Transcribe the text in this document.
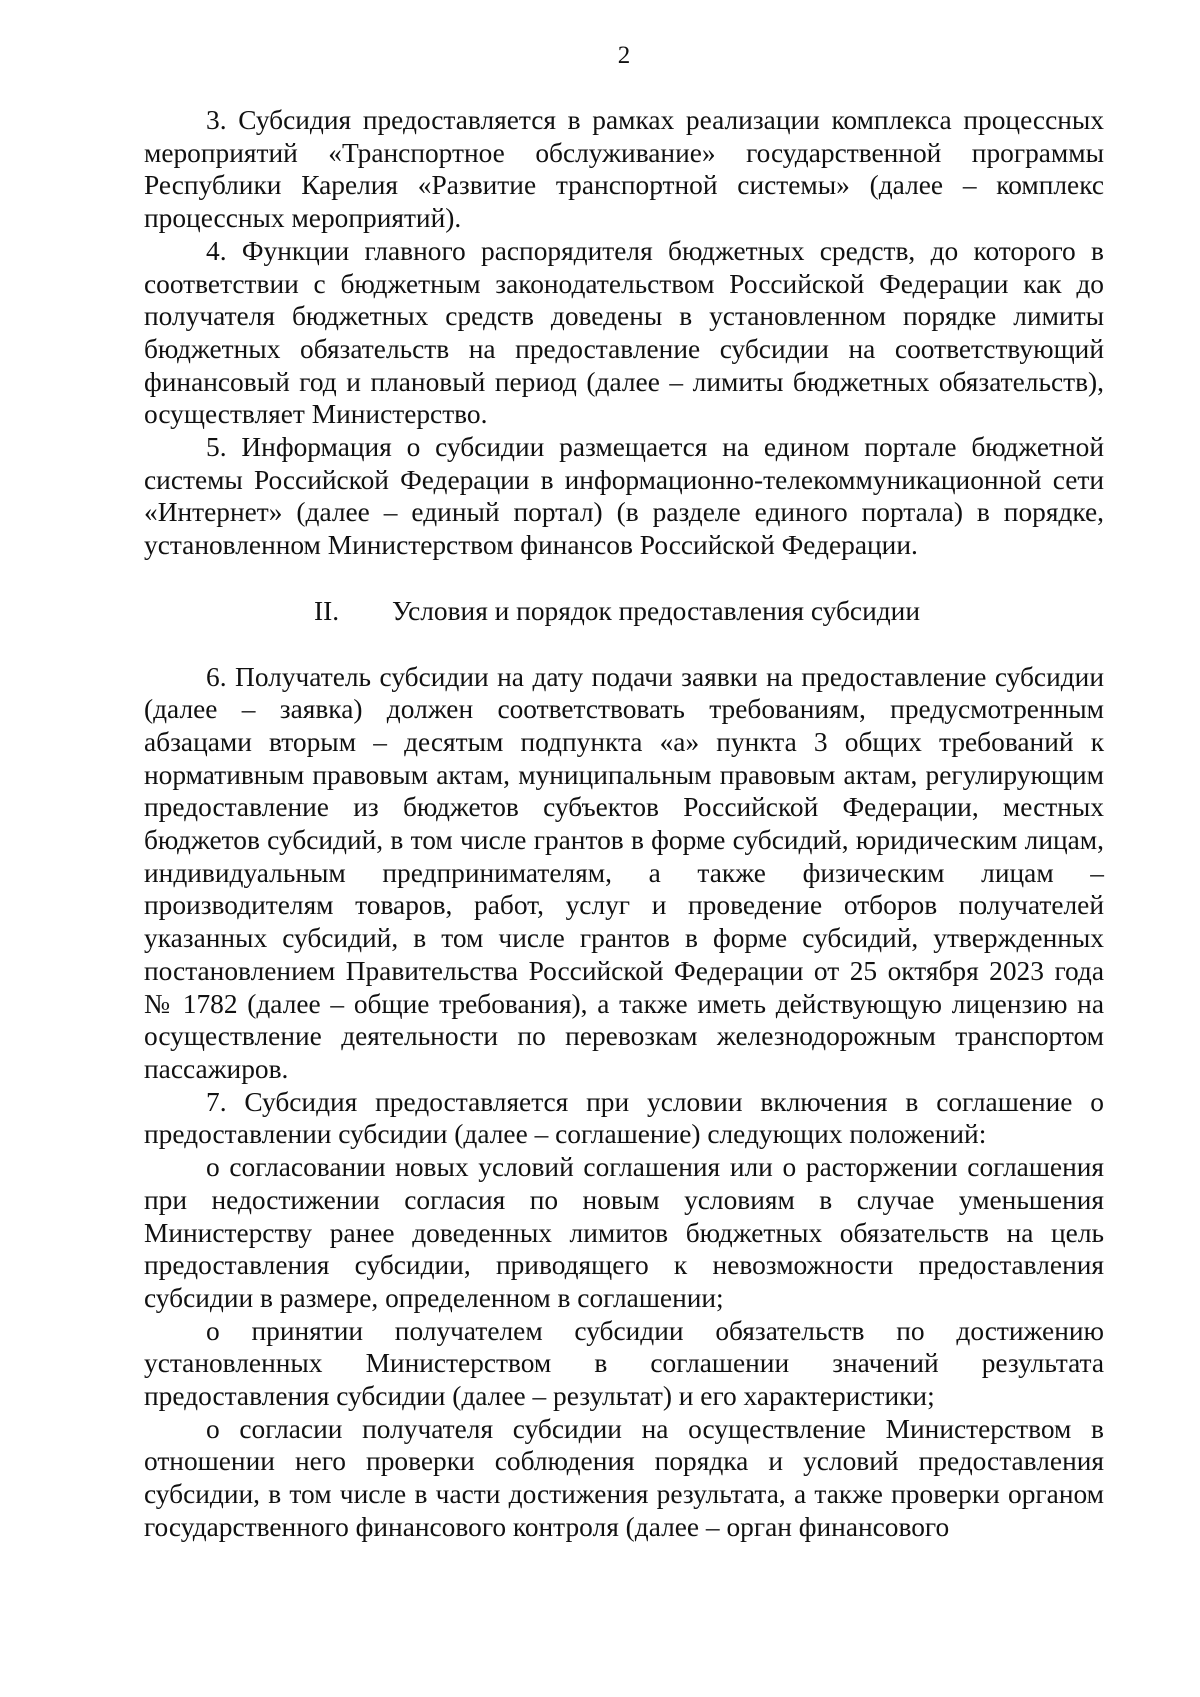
2

3. Субсидия предоставляется в рамках реализации комплекса процессных мероприятий «Транспортное обслуживание» государственной программы Республики Карелия «Развитие транспортной системы» (далее – комплекс процессных мероприятий).

4. Функции главного распорядителя бюджетных средств, до которого в соответствии с бюджетным законодательством Российской Федерации как до получателя бюджетных средств доведены в установленном порядке лимиты бюджетных обязательств на предоставление субсидии на соответствующий финансовый год и плановый период (далее – лимиты бюджетных обязательств), осуществляет Министерство.

5. Информация о субсидии размещается на едином портале бюджетной системы Российской Федерации в информационно-телекоммуникационной сети «Интернет» (далее – единый портал) (в разделе единого портала) в порядке, установленном Министерством финансов Российской Федерации.

II.	Условия и порядок предоставления субсидии

6. Получатель субсидии на дату подачи заявки на предоставление субсидии (далее – заявка) должен соответствовать требованиям, предусмотренным абзацами вторым – десятым подпункта «а» пункта 3 общих требований к нормативным правовым актам, муниципальным правовым актам, регулирующим предоставление из бюджетов субъектов Российской Федерации, местных бюджетов субсидий, в том числе грантов в форме субсидий, юридическим лицам, индивидуальным предпринимателям, а также физическим лицам – производителям товаров, работ, услуг и проведение отборов получателей указанных субсидий, в том числе грантов в форме субсидий, утвержденных постановлением Правительства Российской Федерации от 25 октября 2023 года № 1782 (далее – общие требования), а также иметь действующую лицензию на осуществление деятельности по перевозкам железнодорожным транспортом пассажиров.

7. Субсидия предоставляется при условии включения в соглашение о предоставлении субсидии (далее – соглашение) следующих положений:

о согласовании новых условий соглашения или о расторжении соглашения при недостижении согласия по новым условиям в случае уменьшения Министерству ранее доведенных лимитов бюджетных обязательств на цель предоставления субсидии, приводящего к невозможности предоставления субсидии в размере, определенном в соглашении;

о принятии получателем субсидии обязательств по достижению установленных Министерством в соглашении значений результата предоставления субсидии (далее – результат) и его характеристики;

о согласии получателя субсидии на осуществление Министерством в отношении него проверки соблюдения порядка и условий предоставления субсидии, в том числе в части достижения результата, а также проверки органом государственного финансового контроля (далее – орган финансового
